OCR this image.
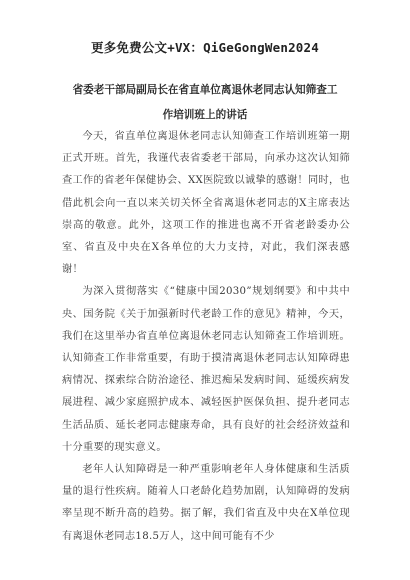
更多免费公文+VX：QiGeGongWen2024
省委老干部局副局长在省直单位离退休老同志认知筛查工
作培训班上的讲话

今天，省直单位离退休老同志认知筛查工作培训班第一期正式开班。首先，我谨代表省委老干部局，向承办这次认知筛查工作的省老年保健协会、XX医院致以诚挚的感谢！同时，也借此机会向一直以来关切关怀全省离退休老同志的X主席表达崇高的敬意。此外，这项工作的推进也离不开省老龄委办公室、省直及中央在X各单位的大力支持，对此，我们深表感谢！

为深入贯彻落实《“健康中国2030”规划纲要》和中共中央、国务院《关于加强新时代老龄工作的意见》精神，今天，我们在这里举办省直单位离退休老同志认知筛查工作培训班。认知筛查工作非常重要，有助于摸清离退休老同志认知障碍患病情况、探索综合防治途径、推迟痴呆发病时间、延缓疾病发展进程、减少家庭照护成本、减轻医护医保负担、提升老同志生活品质、延长老同志健康寿命，具有良好的社会经济效益和十分重要的现实意义。

老年人认知障碍是一种严重影响老年人身体健康和生活质量的退行性疾病。随着人口老龄化趋势加剧，认知障碍的发病率呈现不断升高的趋势。据了解，我们省直及中央在X单位现有离退休老同志18.5万人，这中间可能有不少
